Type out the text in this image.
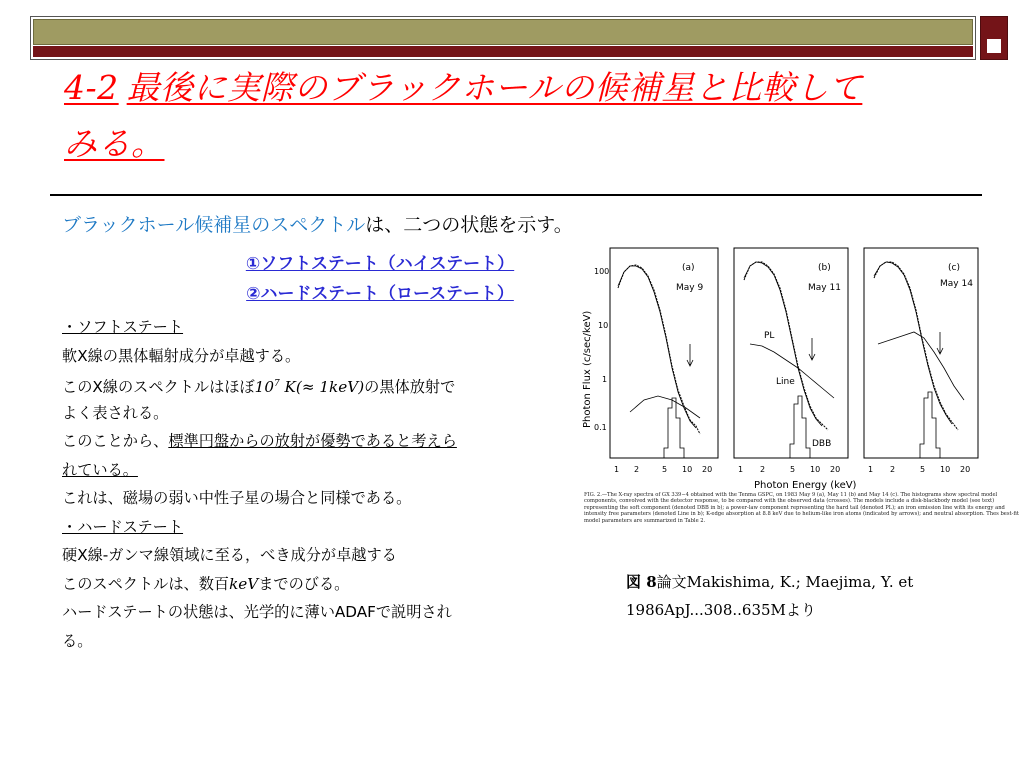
4-2 最後に実際のブラックホールの候補星と比較して
みる。
ブラックホール候補星のスペクトルは、二つの状態を示す。
①ソフトステート（ハイステート）
②ハードステート（ローステート）
・ソフトステート
軟X線の黒体輻射成分が卓越する。
このX線のスペクトルはほぼ$10^7$ K(≈ 1keV)の黒体放射で
よく表される。
このことから、標準円盤からの放射が優勢であると考えら
れている。
これは、磁場の弱い中性子星の場合と同様である。
・ハードステート
硬X線-ガンマ線領域に至る，べき成分が卓越する
このスペクトルは、数百keVまでのびる。
ハードステートの状態は、光学的に薄いADAFで説明され
る。
Photon Flux (c/sec/keV)
100
10
1
0.1
(a)
May 9
1 2	5 10 20
(b)
May 11
PL
Line
DBB
1 2	5 10 20
(c)
May 14
1 2	5 10 20
Photon Energy (keV)
FIG. 2.—The X-ray spectra of GX 339−4 obtained with the Tenma GSPC, on 1983 May 9 (a), May 11 (b) and May 14 (c). The histograms show spectral model components, convolved with the detector response, to be compared with the observed data (crosses). The models include a disk-blackbody model (see text) representing the soft component (denoted DBB in b); a power-law component representing the hard tail (denoted PL); an iron emission line with its energy and intensity free parameters (denoted Line in b); K-edge absorption at 8.8 keV due to helium-like iron atoms (indicated by arrows); and neutral absorption. Thes best-fit model parameters are summarized in Table 2.
図 8論文Makishima, K.; Maejima, Y. et
1986ApJ...308..635Mより
